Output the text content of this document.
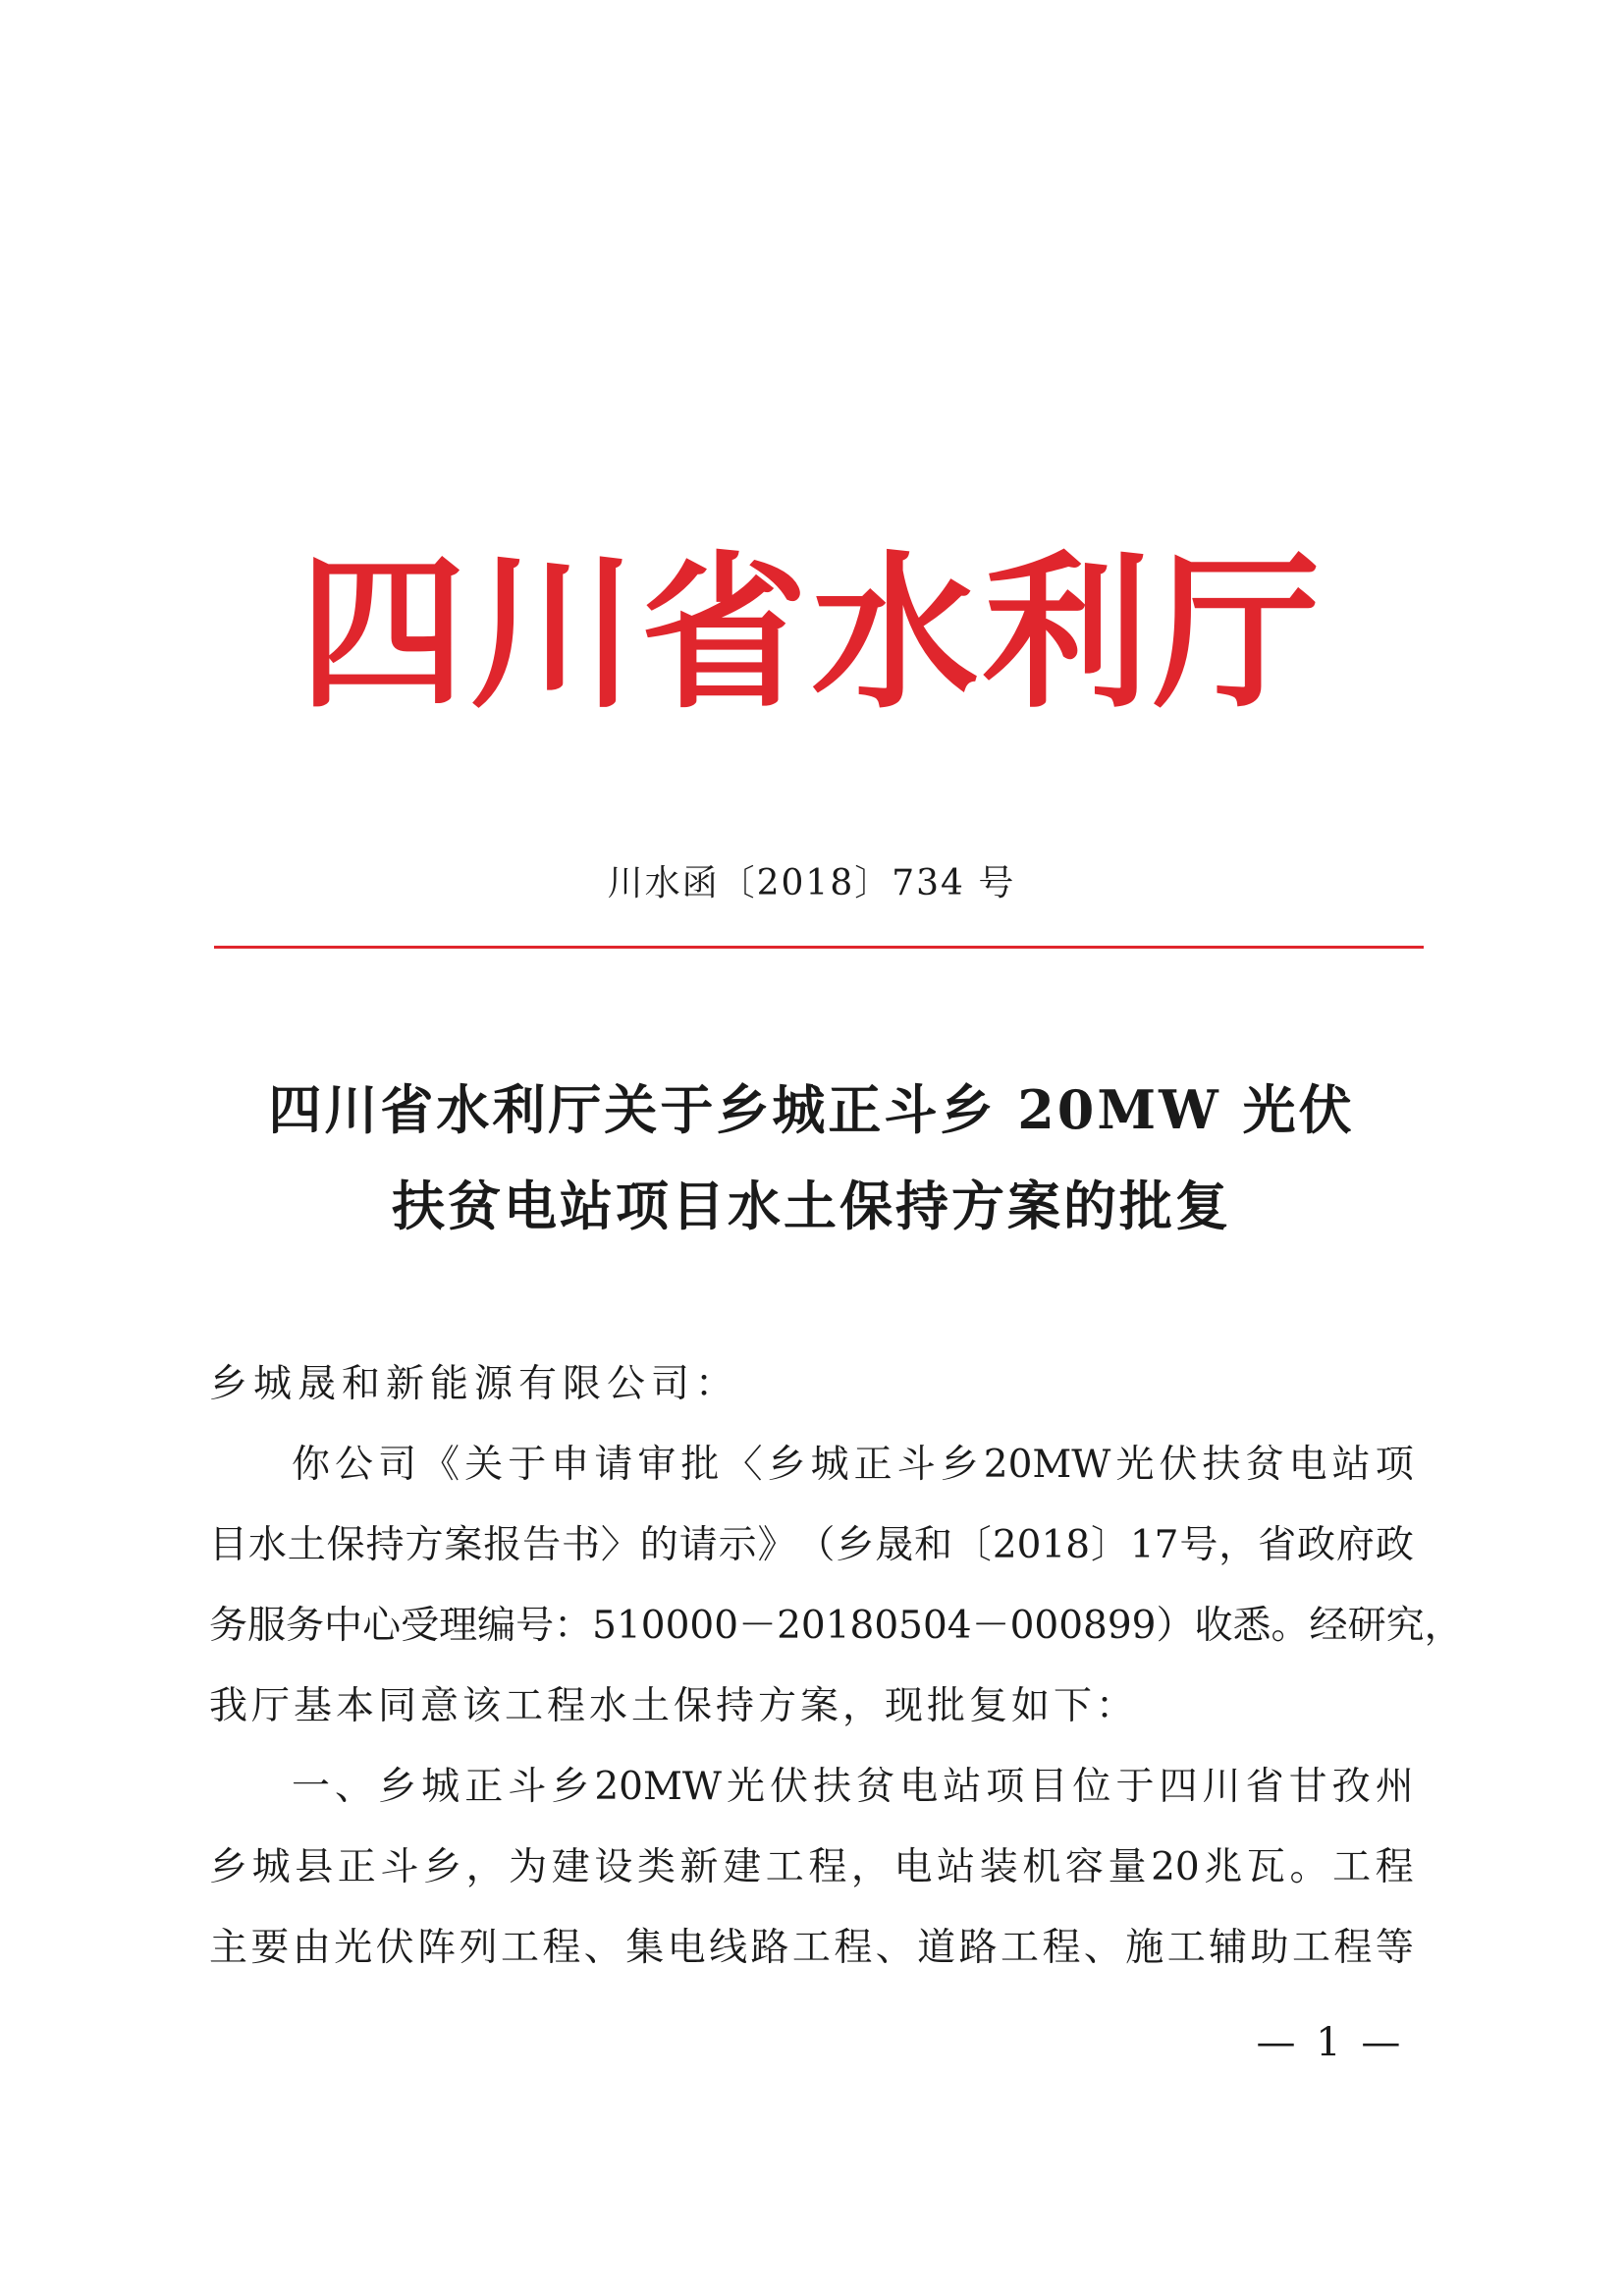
四川省水利厅
川水函〔2018〕734 号
四川省水利厅关于乡城正斗乡 20MW 光伏
扶贫电站项目水土保持方案的批复
乡城晟和新能源有限公司：
你 公 司 《 关 于 申 请 审 批 〈 乡 城 正 斗 乡 20MW 光 伏 扶 贫 电 站 项
目 水 土 保 持 方 案 报 告 书 〉 的 请 示 》 （ 乡 晟 和 〔 2018 〕 17 号 ， 省 政 府 政
务 服 务 中 心 受 理 编 号 ： 510000 － 20180504 － 000899 ） 收 悉 。 经 研 究 ，
我厅基本同意该工程水土保持方案，现批复如下：
一 、 乡 城 正 斗 乡 20MW 光 伏 扶 贫 电 站 项 目 位 于 四 川 省 甘 孜 州
乡 城 县 正 斗 乡 ， 为 建 设 类 新 建 工 程 ， 电 站 装 机 容 量 20 兆 瓦 。 工 程
主 要 由 光 伏 阵 列 工 程 、 集 电 线 路 工 程 、 道 路 工 程 、 施 工 辅 助 工 程 等
— 1 —
